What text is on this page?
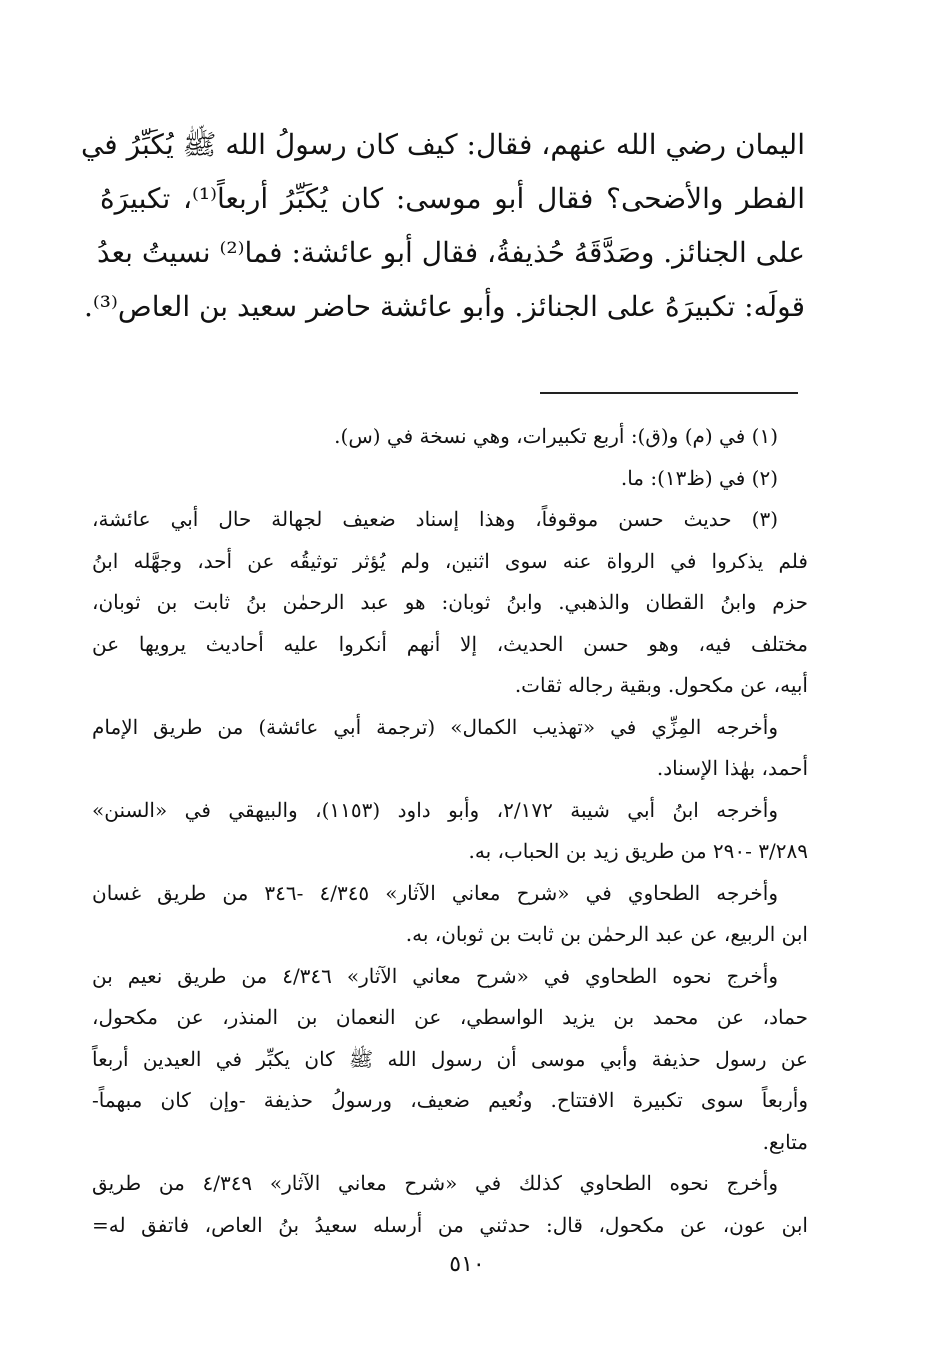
اليمان رضي الله عنهم، فقال: كيف كان رسولُ الله ﷺ يُكَبِّرُ في
الفطر والأضحى؟ فقال أبو موسى: كان يُكَبِّرُ أربعاً⁽¹⁾، تكبيرَهُ
على الجنائز. وصَدَّقَهُ حُذيفةُ، فقال أبو عائشة: فما⁽²⁾ نسيتُ بعدُ
قولَه: تكبيرَهُ على الجنائز. وأبو عائشة حاضر سعيد بن العاص⁽³⁾.

(١) في (م) و(ق): أربع تكبيرات، وهي نسخة في (س).

(٢) في (ظ١٣): ما.

(٣) حديث حسن موقوفاً، وهذا إسناد ضعيف لجهالة حال أبي عائشة،
فلم يذكروا في الرواة عنه سوى اثنين، ولم يُؤثر توثيقُه عن أحد، وجهَّله ابنُ
حزم وابنُ القطان والذهبي. وابنُ ثوبان: هو عبد الرحمٰن بنُ ثابت بن ثوبان،
مختلف فيه، وهو حسن الحديث، إلا أنهم أنكروا عليه أحاديث يرويها عن
أبيه، عن مكحول. وبقية رجاله ثقات.

وأخرجه المِزِّي في «تهذيب الكمال» (ترجمة أبي عائشة) من طريق الإمام
أحمد، بهٰذا الإسناد.

وأخرجه ابنُ أبي شيبة ٢/١٧٢، وأبو داود (١١٥٣)، والبيهقي في «السنن»
٣/٢٨٩ -٢٩٠ من طريق زيد بن الحباب، به.

وأخرجه الطحاوي في «شرح معاني الآثار» ٤/٣٤٥ -٣٤٦ من طريق غسان
ابن الربيع، عن عبد الرحمٰن بن ثابت بن ثوبان، به.

وأخرج نحوه الطحاوي في «شرح معاني الآثار» ٤/٣٤٦ من طريق نعيم بن
حماد، عن محمد بن يزيد الواسطي، عن النعمان بن المنذر، عن مكحول،
عن رسول حذيفة وأبي موسى أن رسول الله ﷺ كان يكبِّر في العيدين أربعاً
وأربعاً سوى تكبيرة الافتتاح. ونُعيم ضعيف، ورسولُ حذيفة -وإن كان مبهماً-
متابع.

وأخرج نحوه الطحاوي كذلك في «شرح معاني الآثار» ٤/٣٤٩ من طريق
ابن عون، عن مكحول، قال: حدثني من أرسله سعيدُ بنُ العاص، فاتفق له=

٥١٠
